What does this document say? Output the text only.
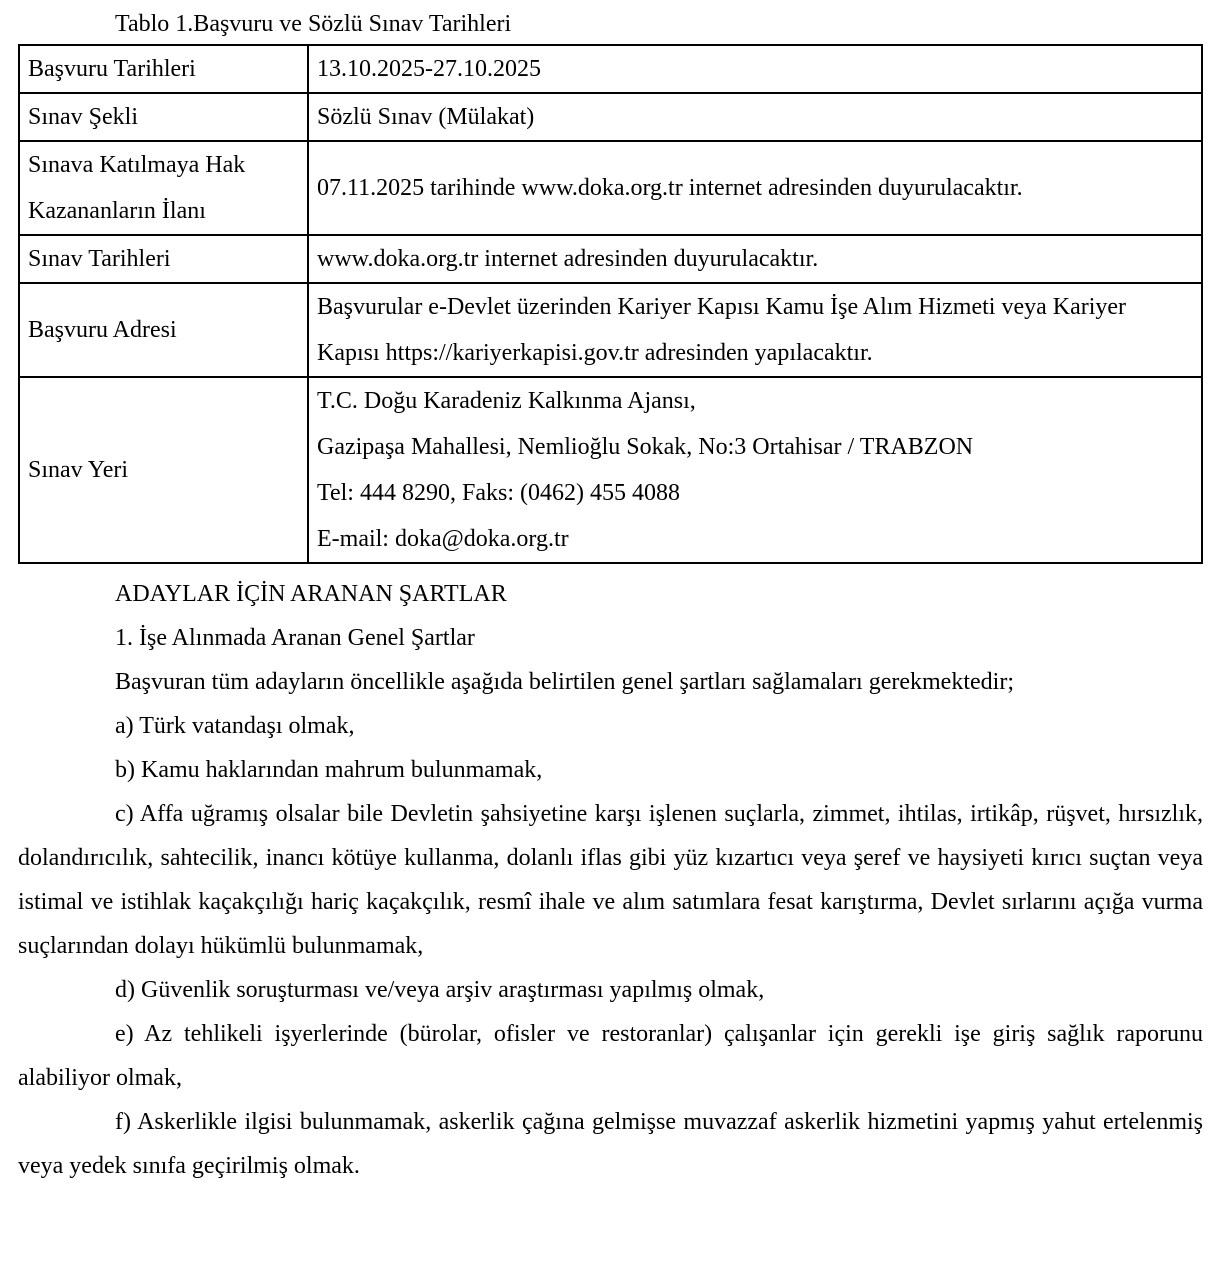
Tablo 1.Başvuru ve Sözlü Sınav Tarihleri

Başvuru Tarihleri	13.10.2025-27.10.2025
Sınav Şekli	Sözlü Sınav (Mülakat)
Sınava Katılmaya Hak Kazananların İlanı	07.11.2025 tarihinde www.doka.org.tr internet adresinden duyurulacaktır.
Sınav Tarihleri	www.doka.org.tr internet adresinden duyurulacaktır.
Başvuru Adresi	Başvurular e-Devlet üzerinden Kariyer Kapısı Kamu İşe Alım Hizmeti veya Kariyer Kapısı https://kariyerkapisi.gov.tr adresinden yapılacaktır.
Sınav Yeri	T.C. Doğu Karadeniz Kalkınma Ajansı,
Gazipaşa Mahallesi, Nemlioğlu Sokak, No:3 Ortahisar / TRABZON
Tel: 444 8290, Faks: (0462) 455 4088
E-mail: doka@doka.org.tr

ADAYLAR İÇİN ARANAN ŞARTLAR

1. İşe Alınmada Aranan Genel Şartlar

Başvuran tüm adayların öncellikle aşağıda belirtilen genel şartları sağlamaları gerekmektedir;

a) Türk vatandaşı olmak,

b) Kamu haklarından mahrum bulunmamak,

c) Affa uğramış olsalar bile Devletin şahsiyetine karşı işlenen suçlarla, zimmet, ihtilas, irtikâp, rüşvet, hırsızlık, dolandırıcılık, sahtecilik, inancı kötüye kullanma, dolanlı iflas gibi yüz kızartıcı veya şeref ve haysiyeti kırıcı suçtan veya istimal ve istihlak kaçakçılığı hariç kaçakçılık, resmî ihale ve alım satımlara fesat karıştırma, Devlet sırlarını açığa vurma suçlarından dolayı hükümlü bulunmamak,

d) Güvenlik soruşturması ve/veya arşiv araştırması yapılmış olmak,

e) Az tehlikeli işyerlerinde (bürolar, ofisler ve restoranlar) çalışanlar için gerekli işe giriş sağlık raporunu alabiliyor olmak,

f) Askerlikle ilgisi bulunmamak, askerlik çağına gelmişse muvazzaf askerlik hizmetini yapmış yahut ertelenmiş veya yedek sınıfa geçirilmiş olmak.
